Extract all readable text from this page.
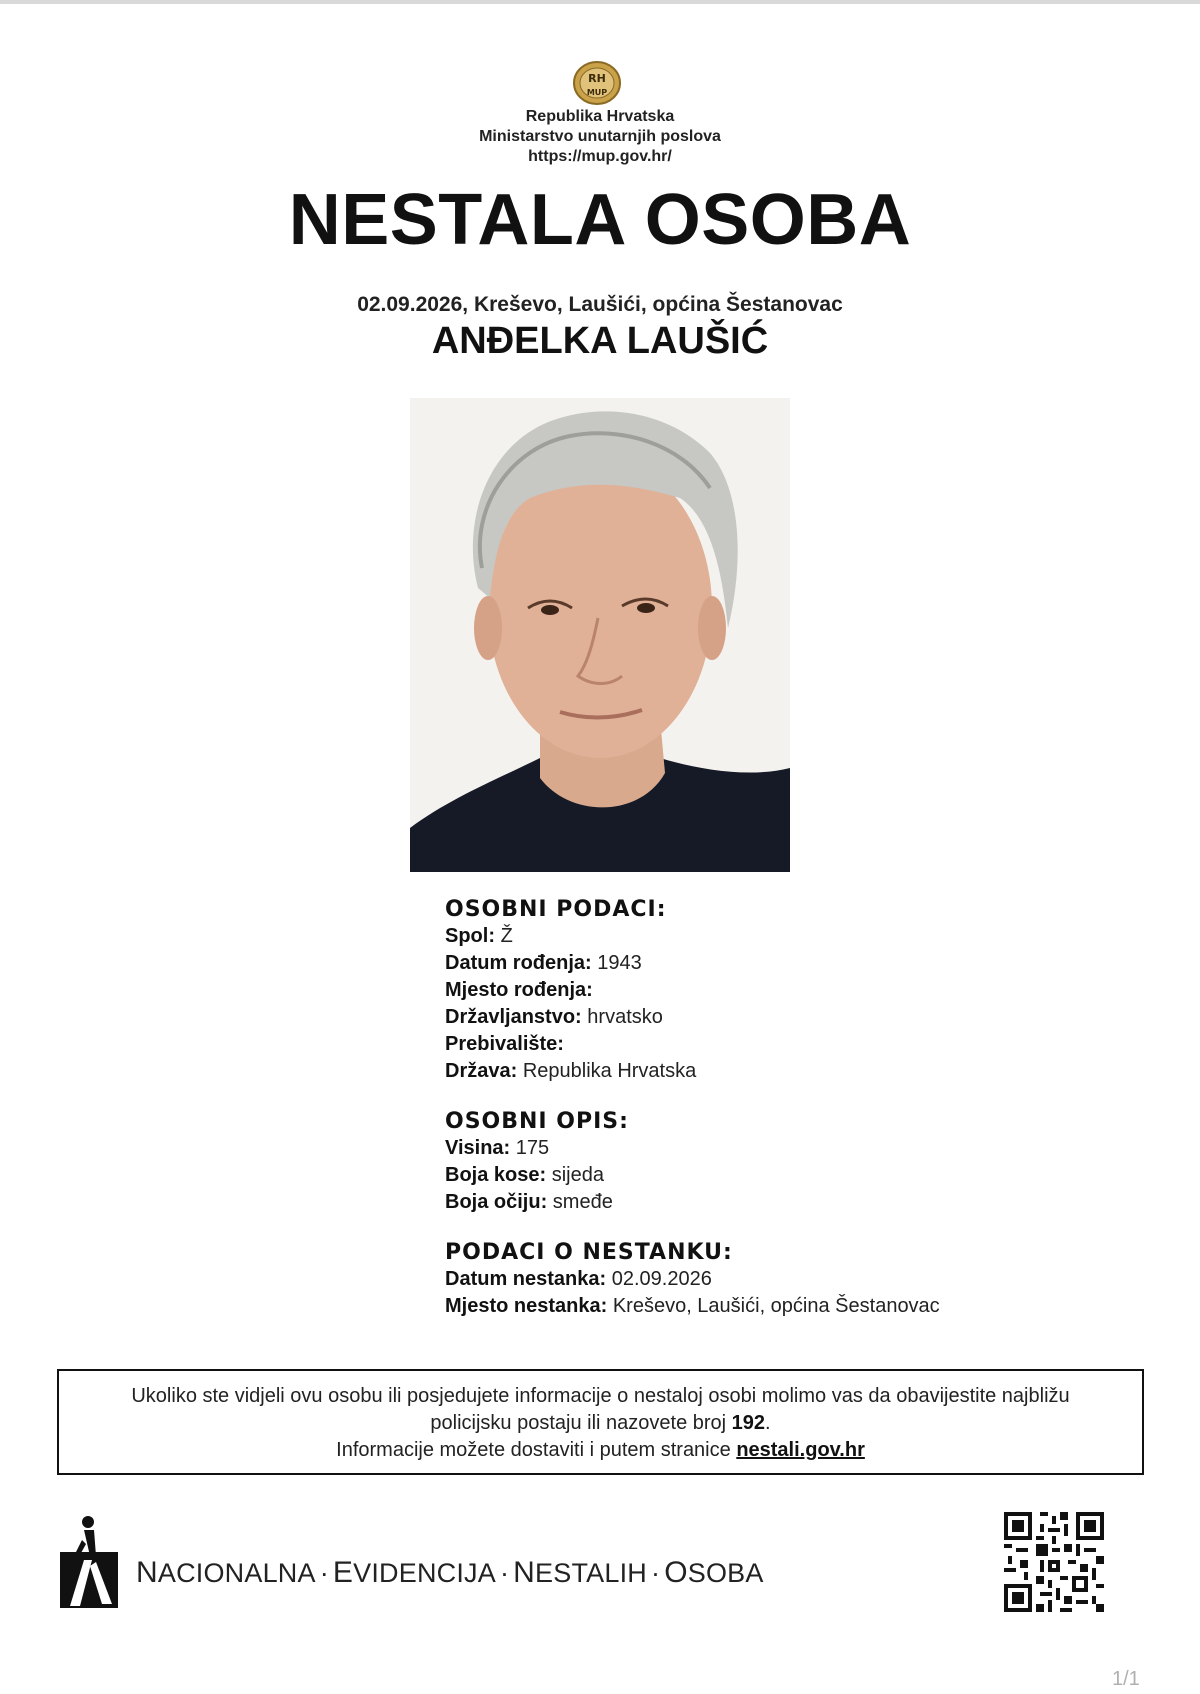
RH
MUP
Republika Hrvatska
Ministarstvo unutarnjih poslova
https://mup.gov.hr/
NESTALA OSOBA
02.09.2026, Kreševo, Laušići, općina Šestanovac
ANĐELKA LAUŠIĆ
OSOBNI PODACI:
Spol: Ž
Datum rođenja: 1943
Mjesto rođenja:
Državljanstvo: hrvatsko
Prebivalište:
Država: Republika Hrvatska
OSOBNI OPIS:
Visina: 175
Boja kose: sijeda
Boja očiju: smeđe
PODACI O NESTANKU:
Datum nestanka: 02.09.2026
Mjesto nestanka: Kreševo, Laušići, općina Šestanovac
Ukoliko ste vidjeli ovu osobu ili posjedujete informacije o nestaloj osobi molimo vas da obavijestite najbližu
policijsku postaju ili nazovete broj 192.
Informacije možete dostaviti i putem stranice nestali.gov.hr
NACIONALNA · EVIDENCIJA · NESTALIH · OSOBA
1/1
